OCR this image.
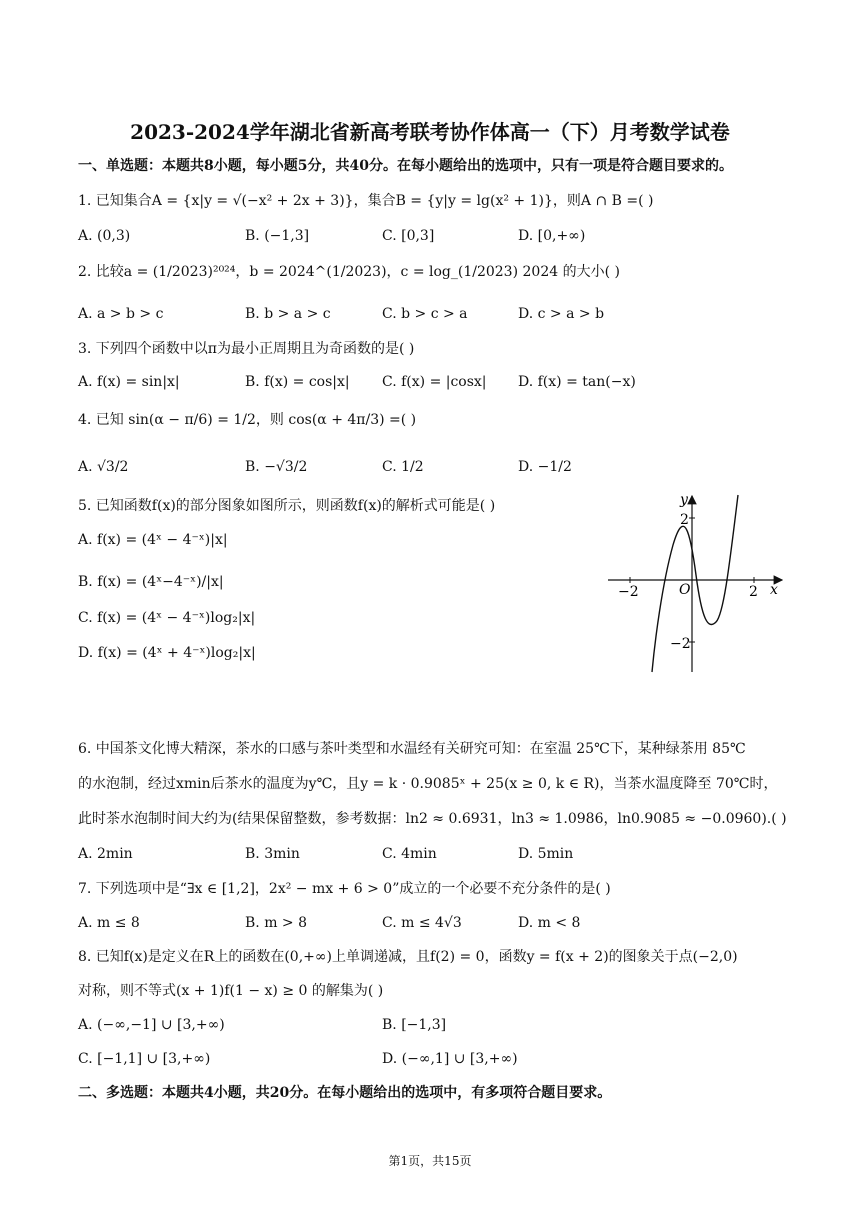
2023-2024学年湖北省新高考联考协作体高一（下）月考数学试卷
一、单选题：本题共8小题，每小题5分，共40分。在每小题给出的选项中，只有一项是符合题目要求的。
1. 已知集合A = {x|y = √(−x² + 2x + 3)}，集合B = {y|y = lg(x² + 1)}，则A ∩ B =( )
A. (0,3)	B. (−1,3]	C. [0,3]	D. [0,+∞)
2. 比较a = (1/2023)²⁰²⁴，b = 2024^(1/2023)，c = log_(1/2023) 2024 的大小( )
A. a > b > c	B. b > a > c	C. b > c > a	D. c > a > b
3. 下列四个函数中以π为最小正周期且为奇函数的是( )
A. f(x) = sin|x|	B. f(x) = cos|x| C. f(x) = |cosx| D. f(x) = tan(−x)
4. 已知 sin(α − π/6) = 1/2，则 cos(α + 4π/3) =( )
A. √3/2	B. −√3/2	C. 1/2	D. −1/2
5. 已知函数f(x)的部分图象如图所示，则函数f(x)的解析式可能是( )
A. f(x) = (4ˣ − 4⁻ˣ)|x|
B. f(x) = (4ˣ−4⁻ˣ)/|x|
C. f(x) = (4ˣ − 4⁻ˣ)log₂|x|
D. f(x) = (4ˣ + 4⁻ˣ)log₂|x|
y
x
O
−2	2
2
−2
6. 中国茶文化博大精深，茶水的口感与茶叶类型和水温经有关研究可知：在室温 25℃下，某种绿茶用 85℃
的水泡制，经过xmin后茶水的温度为y℃，且y = k · 0.9085ˣ + 25(x ≥ 0, k ∈ R)，当茶水温度降至 70℃时，
此时茶水泡制时间大约为(结果保留整数，参考数据：ln2 ≈ 0.6931，ln3 ≈ 1.0986，ln0.9085 ≈ −0.0960).( )
A. 2min	B. 3min	C. 4min	D. 5min
7. 下列选项中是“∃x ∈ [1,2]，2x² − mx + 6 > 0”成立的一个必要不充分条件的是( )
A. m ≤ 8	B. m > 8	C. m ≤ 4√3	D. m < 8
8. 已知f(x)是定义在R上的函数在(0,+∞)上单调递减，且f(2) = 0，函数y = f(x + 2)的图象关于点(−2,0)
对称，则不等式(x + 1)f(1 − x) ≥ 0 的解集为( )
A. (−∞,−1] ∪ [3,+∞)	B. [−1,3]
C. [−1,1] ∪ [3,+∞)	D. (−∞,1] ∪ [3,+∞)
二、多选题：本题共4小题，共20分。在每小题给出的选项中，有多项符合题目要求。
第1页，共15页
